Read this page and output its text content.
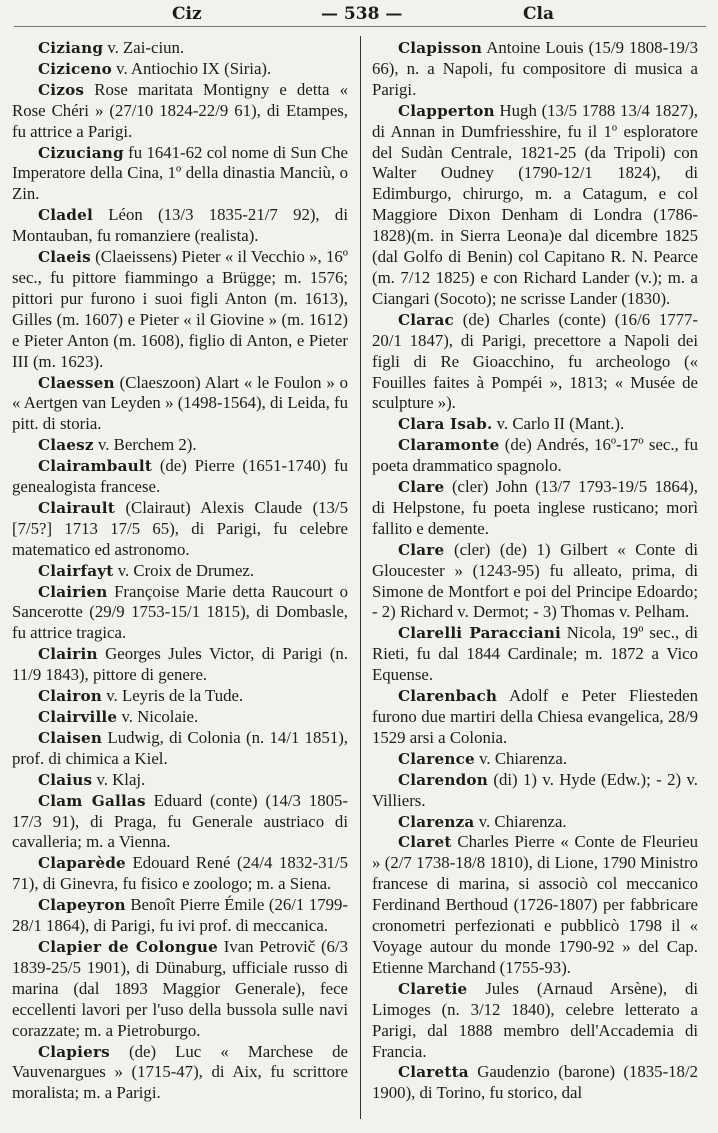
Ciz	— 538 —	Cla

Ciziang v. Zai-ciun.

Ciziceno v. Antiochio IX (Siria).

Cizos Rose maritata Montigny e detta « Rose Chéri » (27/10 1824-22/9 61), di Etampes, fu attrice a Parigi.

Cizuciang fu 1641-62 col nome di Sun Che Imperatore della Cina, 1º della dinastia Manciù, o Zin.

Cladel Léon (13/3 1835-21/7 92), di Montauban, fu romanziere (realista).

Claeis (Claeissens) Pieter « il Vecchio », 16º sec., fu pittore fiammingo a Brügge; m. 1576; pittori pur furono i suoi figli Anton (m. 1613), Gilles (m. 1607) e Pieter « il Giovine » (m. 1612) e Pieter Anton (m. 1608), figlio di Anton, e Pieter III (m. 1623).

Claessen (Claeszoon) Alart « le Foulon » o « Aertgen van Leyden » (1498-1564), di Leida, fu pitt. di storia.

Claesz v. Berchem 2).

Clairambault (de) Pierre (1651-1740) fu genealogista francese.

Clairault (Clairaut) Alexis Claude (13/5 [7/5?] 1713 17/5 65), di Parigi, fu celebre matematico ed astronomo.

Clairfayt v. Croix de Drumez.

Clairien Françoise Marie detta Raucourt o Sancerotte (29/9 1753-15/1 1815), di Dombasle, fu attrice tragica.

Clairin Georges Jules Victor, di Parigi (n. 11/9 1843), pittore di genere.

Clairon v. Leyris de la Tude.

Clairville v. Nicolaie.

Claisen Ludwig, di Colonia (n. 14/1 1851), prof. di chimica a Kiel.

Claius v. Klaj.

Clam Gallas Eduard (conte) (14/3 1805-17/3 91), di Praga, fu Generale austriaco di cavalleria; m. a Vienna.

Claparède Edouard René (24/4 1832-31/5 71), di Ginevra, fu fisico e zoologo; m. a Siena.

Clapeyron Benoît Pierre Émile (26/1 1799-28/1 1864), di Parigi, fu ivi prof. di meccanica.

Clapier de Colongue Ivan Petrovič (6/3 1839-25/5 1901), di Dünaburg, ufficiale russo di marina (dal 1893 Maggior Generale), fece eccellenti lavori per l'uso della bussola sulle navi corazzate; m. a Pietroburgo.

Clapiers (de) Luc « Marchese de Vauvenargues » (1715-47), di Aix, fu scrittore moralista; m. a Parigi.

Clapisson Antoine Louis (15/9 1808-19/3 66), n. a Napoli, fu compositore di musica a Parigi.

Clapperton Hugh (13/5 1788 13/4 1827), di Annan in Dumfriesshire, fu il 1º esploratore del Sudàn Centrale, 1821-25 (da Tripoli) con Walter Oudney (1790-12/1 1824), di Edimburgo, chirurgo, m. a Catagum, e col Maggiore Dixon Denham di Londra (1786-1828)(m. in Sierra Leona)e dal dicembre 1825 (dal Golfo di Benin) col Capitano R. N. Pearce (m. 7/12 1825) e con Richard Lander (v.); m. a Ciangari (Socoto); ne scrisse Lander (1830).

Clarac (de) Charles (conte) (16/6 1777-20/1 1847), di Parigi, precettore a Napoli dei figli di Re Gioacchino, fu archeologo (« Fouilles faites à Pompéi », 1813; « Musée de sculpture »).

Clara Isab. v. Carlo II (Mant.).

Claramonte (de) Andrés, 16º-17º sec., fu poeta drammatico spagnolo.

Clare (cler) John (13/7 1793-19/5 1864), di Helpstone, fu poeta inglese rusticano; morì fallito e demente.

Clare (cler) (de) 1) Gilbert « Conte di Gloucester » (1243-95) fu alleato, prima, di Simone de Montfort e poi del Principe Edoardo; - 2) Richard v. Dermot; - 3) Thomas v. Pelham.

Clarelli Paracciani Nicola, 19º sec., di Rieti, fu dal 1844 Cardinale; m. 1872 a Vico Equense.

Clarenbach Adolf e Peter Fliesteden furono due martiri della Chiesa evangelica, 28/9 1529 arsi a Colonia.

Clarence v. Chiarenza.

Clarendon (di) 1) v. Hyde (Edw.); - 2) v. Villiers.

Clarenza v. Chiarenza.

Claret Charles Pierre « Conte de Fleurieu » (2/7 1738-18/8 1810), di Lione, 1790 Ministro francese di marina, si associò col meccanico Ferdinand Berthoud (1726-1807) per fabbricare cronometri perfezionati e pubblicò 1798 il « Voyage autour du monde 1790-92 » del Cap. Etienne Marchand (1755-93).

Claretie Jules (Arnaud Arsène), di Limoges (n. 3/12 1840), celebre letterato a Parigi, dal 1888 membro dell'Accademia di Francia.

Claretta Gaudenzio (barone) (1835-18/2 1900), di Torino, fu storico, dal
